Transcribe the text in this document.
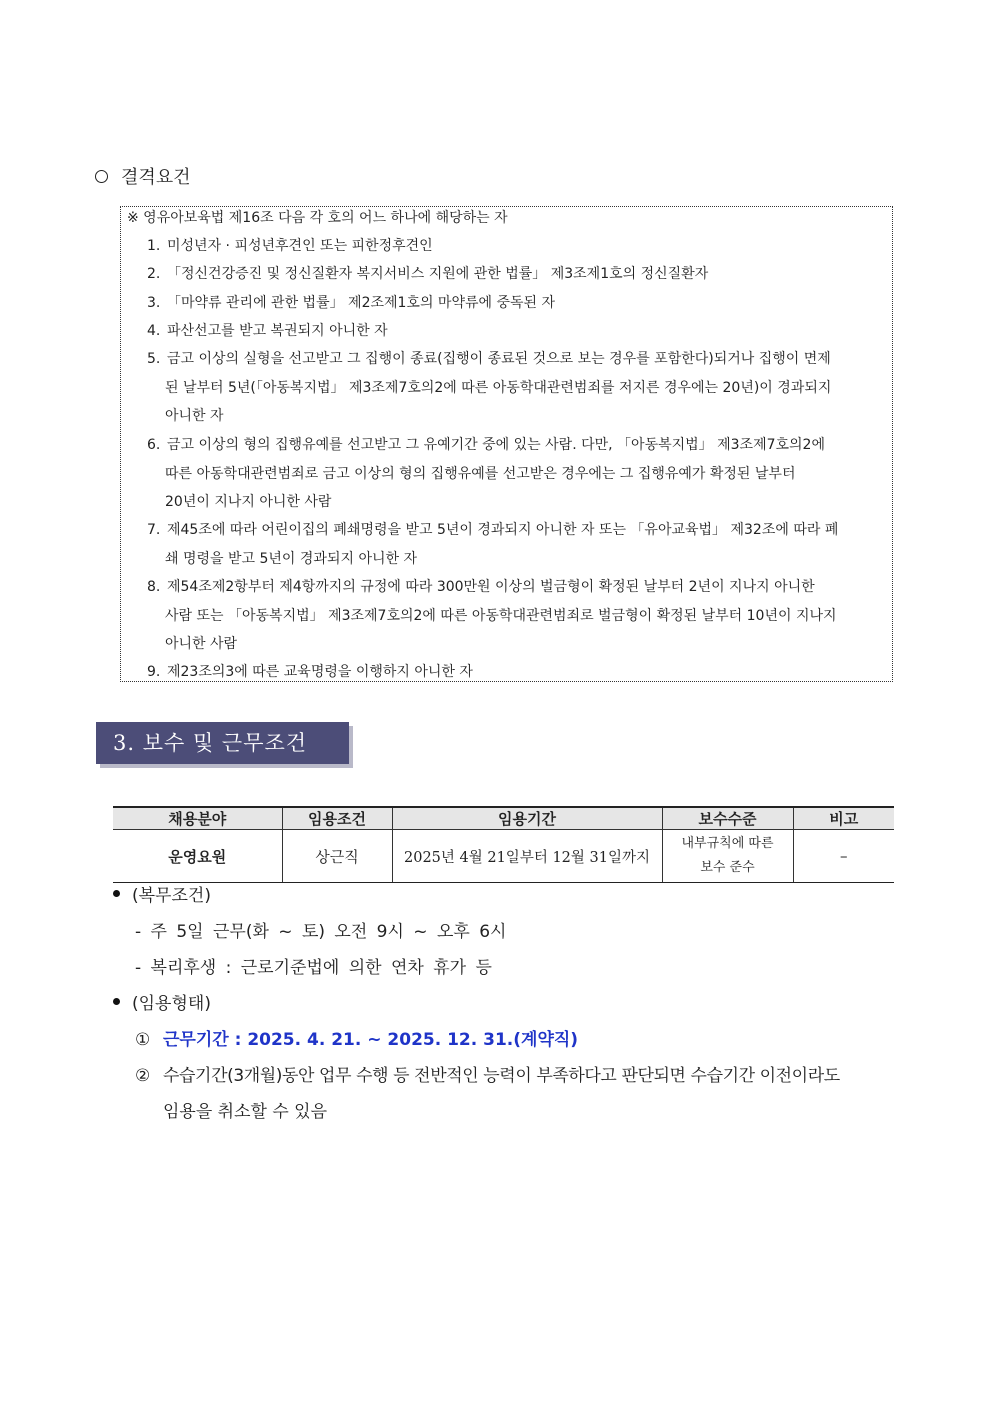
결격요건
※ 영유아보육법 제16조 다음 각 호의 어느 하나에 해당하는 자
1. 미성년자 · 피성년후견인 또는 피한정후견인
2. 「정신건강증진 및 정신질환자 복지서비스 지원에 관한 법률」 제3조제1호의 정신질환자
3. 「마약류 관리에 관한 법률」 제2조제1호의 마약류에 중독된 자
4. 파산선고를 받고 복권되지 아니한 자
5. 금고 이상의 실형을 선고받고 그 집행이 종료(집행이 종료된 것으로 보는 경우를 포함한다)되거나 집행이 면제
된 날부터 5년(「아동복지법」 제3조제7호의2에 따른 아동학대관련범죄를 저지른 경우에는 20년)이 경과되지
아니한 자
6. 금고 이상의 형의 집행유예를 선고받고 그 유예기간 중에 있는 사람. 다만, 「아동복지법」 제3조제7호의2에
따른 아동학대관련범죄로 금고 이상의 형의 집행유예를 선고받은 경우에는 그 집행유예가 확정된 날부터
20년이 지나지 아니한 사람
7. 제45조에 따라 어린이집의 폐쇄명령을 받고 5년이 경과되지 아니한 자 또는 「유아교육법」 제32조에 따라 폐
쇄 명령을 받고 5년이 경과되지 아니한 자
8. 제54조제2항부터 제4항까지의 규정에 따라 300만원 이상의 벌금형이 확정된 날부터 2년이 지나지 아니한
사람 또는 「아동복지법」 제3조제7호의2에 따른 아동학대관련범죄로 벌금형이 확정된 날부터 10년이 지나지
아니한 사람
9. 제23조의3에 따른 교육명령을 이행하지 아니한 자
3. 보수 및 근무조건
채용분야	임용조건	임용기간	보수수준	비고
운영요원	상근직	2025년 4월 21일부터 12월 31일까지	내부규칙에 따른
보수 준수	–
(복무조건)
- 주 5일 근무(화 ~ 토) 오전 9시 ~ 오후 6시
- 복리후생 : 근로기준법에 의한 연차 휴가 등
(임용형태)
① 근무기간 : 2025. 4. 21. ~ 2025. 12. 31.(계약직)
② 수습기간(3개월)동안 업무 수행 등 전반적인 능력이 부족하다고 판단되면 수습기간 이전이라도
임용을 취소할 수 있음
